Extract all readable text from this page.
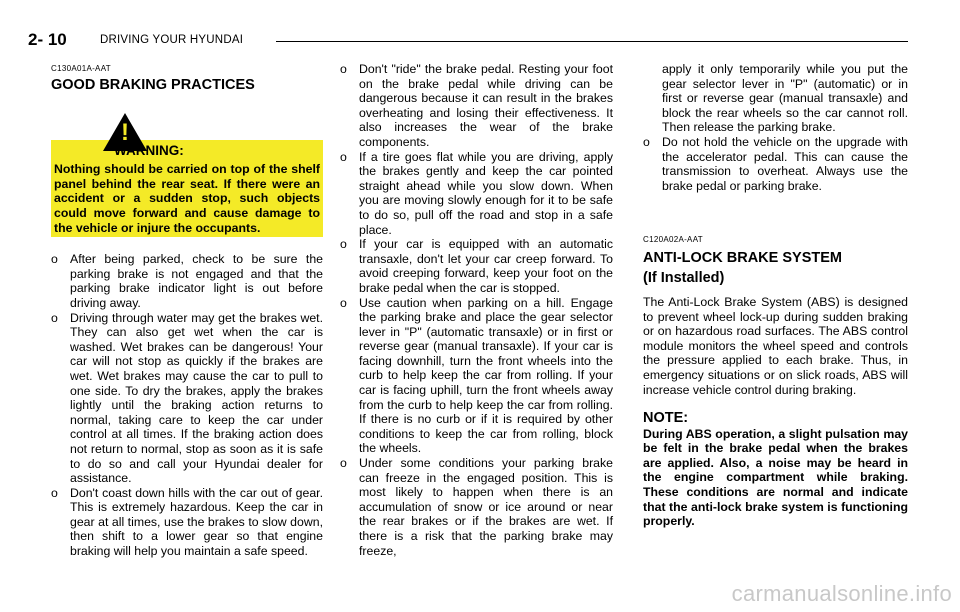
2- 10	DRIVING YOUR HYUNDAI
C130A01A-AAT
GOOD BRAKING PRACTICES
!
WARNING:
Nothing should be carried on top of the shelf panel behind the rear seat. If there were an accident or a sudden stop, such objects could move forward and cause damage to the vehicle or injure the occupants.
o After being parked, check to be sure the parking brake is not engaged and that the parking brake indicator light is out before driving away.
o Driving through water may get the brakes wet. They can also get wet when the car is washed. Wet brakes can be dangerous! Your car will not stop as quickly if the brakes are wet. Wet brakes may cause the car to pull to one side. To dry the brakes, apply the brakes lightly until the braking action returns to normal, taking care to keep the car under control at all times. If the braking action does not return to normal, stop as soon as it is safe to do so and call your Hyundai dealer for assistance.
o Don't coast down hills with the car out of gear. This is extremely hazardous. Keep the car in gear at all times, use the brakes to slow down, then shift to a lower gear so that engine braking will help you maintain a safe speed.
o Don't "ride" the brake pedal. Resting your foot on the brake pedal while driving can be dangerous because it can result in the brakes overheating and losing their effectiveness. It also increases the wear of the brake components.
o If a tire goes flat while you are driving, apply the brakes gently and keep the car pointed straight ahead while you slow down. When you are moving slowly enough for it to be safe to do so, pull off the road and stop in a safe place.
o If your car is equipped with an automatic transaxle, don't let your car creep forward. To avoid creeping forward, keep your foot on the brake pedal when the car is stopped.
o Use caution when parking on a hill. Engage the parking brake and place the gear selector lever in "P" (automatic transaxle) or in first or reverse gear (manual transaxle). If your car is facing downhill, turn the front wheels into the curb to help keep the car from rolling. If your car is facing uphill, turn the front wheels away from the curb to help keep the car from rolling. If there is no curb or if it is required by other conditions to keep the car from rolling, block the wheels.
o Under some conditions your parking brake can freeze in the engaged position. This is most likely to happen when there is an accumulation of snow or ice around or near the rear brakes or if the brakes are wet. If there is a risk that the parking brake may freeze,
apply it only temporarily while you put the gear selector lever in "P" (automatic) or in first or reverse gear (manual transaxle) and block the rear wheels so the car cannot roll. Then release the parking brake.
o Do not hold the vehicle on the upgrade with the accelerator pedal. This can cause the transmission to overheat. Always use the brake pedal or parking brake.
C120A02A-AAT
ANTI-LOCK BRAKE SYSTEM
(If Installed)
The Anti-Lock Brake System (ABS) is designed to prevent wheel lock-up during sudden braking or on hazardous road surfaces. The ABS control module monitors the wheel speed and controls the pressure applied to each brake. Thus, in emergency situations or on slick roads, ABS will increase vehicle control during braking.
NOTE:
During ABS operation, a slight pulsation may be felt in the brake pedal when the brakes are applied. Also, a noise may be heard in the engine compartment while braking. These conditions are normal and indicate that the anti-lock brake system is functioning properly.
carmanualsonline.info
